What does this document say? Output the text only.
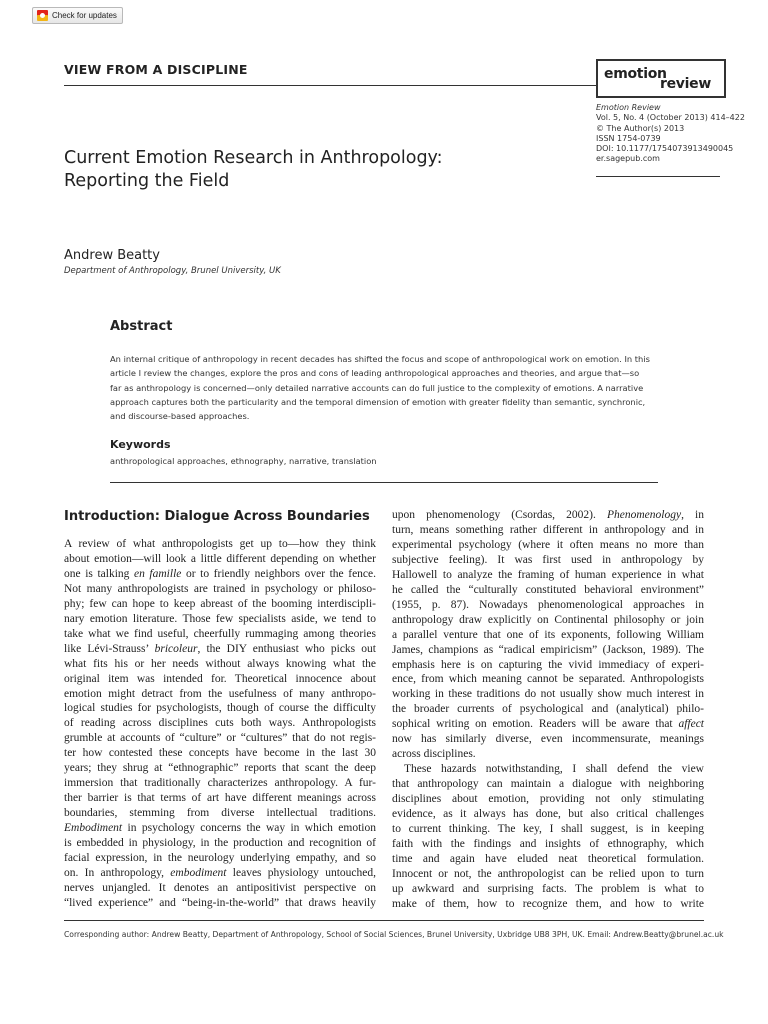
Check for updates
VIEW FROM A DISCIPLINE	emotion
review
Emotion Review
Vol. 5, No. 4 (October 2013) 414–422
© The Author(s) 2013
ISSN 1754-0739
DOI: 10.1177/1754073913490045
er.sagepub.com
Current Emotion Research in Anthropology:
Reporting the Field
Andrew Beatty
Department of Anthropology, Brunel University, UK
Abstract
An internal critique of anthropology in recent decades has shifted the focus and scope of anthropological work on emotion. In this
article I review the changes, explore the pros and cons of leading anthropological approaches and theories, and argue that—so
far as anthropology is concerned—only detailed narrative accounts can do full justice to the complexity of emotions. A narrative
approach captures both the particularity and the temporal dimension of emotion with greater fidelity than semantic, synchronic,
and discourse-based approaches.
Keywords
anthropological approaches, ethnography, narrative, translation
Introduction: Dialogue Across Boundaries
A review of what anthropologists get up to—how they think
about emotion—will look a little different depending on whether
one is talking en famille or to friendly neighbors over the fence.
Not many anthropologists are trained in psychology or philoso-
phy; few can hope to keep abreast of the booming interdiscipli-
nary emotion literature. Those few specialists aside, we tend to
take what we find useful, cheerfully rummaging among theories
like Lévi-Strauss’ bricoleur, the DIY enthusiast who picks out
what fits his or her needs without always knowing what the
original item was intended for. Theoretical innocence about
emotion might detract from the usefulness of many anthropo-
logical studies for psychologists, though of course the difficulty
of reading across disciplines cuts both ways. Anthropologists
grumble at accounts of “culture” or “cultures” that do not regis-
ter how contested these concepts have become in the last 30
years; they shrug at “ethnographic” reports that scant the deep
immersion that traditionally characterizes anthropology. A fur-
ther barrier is that terms of art have different meanings across
boundaries, stemming from diverse intellectual traditions.
Embodiment in psychology concerns the way in which emotion
is embedded in physiology, in the production and recognition of
facial expression, in the neurology underlying empathy, and so
on. In anthropology, embodiment leaves physiology untouched,
nerves unjangled. It denotes an antipositivist perspective on
“lived experience” and “being-in-the-world” that draws heavily
upon phenomenology (Csordas, 2002). Phenomenology, in
turn, means something rather different in anthropology and in
experimental psychology (where it often means no more than
subjective feeling). It was first used in anthropology by
Hallowell to analyze the framing of human experience in what
he called the “culturally constituted behavioral environment”
(1955, p. 87). Nowadays phenomenological approaches in
anthropology draw explicitly on Continental philosophy or join
a parallel venture that one of its exponents, following William
James, champions as “radical empiricism” (Jackson, 1989). The
emphasis here is on capturing the vivid immediacy of experi-
ence, from which meaning cannot be separated. Anthropologists
working in these traditions do not usually show much interest in
the broader currents of psychological and (analytical) philo-
sophical writing on emotion. Readers will be aware that affect
now has similarly diverse, even incommensurate, meanings
across disciplines.
These hazards notwithstanding, I shall defend the view
that anthropology can maintain a dialogue with neighboring
disciplines about emotion, providing not only stimulating
evidence, as it always has done, but also critical challenges
to current thinking. The key, I shall suggest, is in keeping
faith with the findings and insights of ethnography, which
time and again have eluded neat theoretical formulation.
Innocent or not, the anthropologist can be relied upon to turn
up awkward and surprising facts. The problem is what to
make of them, how to recognize them, and how to write
Corresponding author: Andrew Beatty, Department of Anthropology, School of Social Sciences, Brunel University, Uxbridge UB8 3PH, UK. Email: Andrew.Beatty@brunel.ac.uk
